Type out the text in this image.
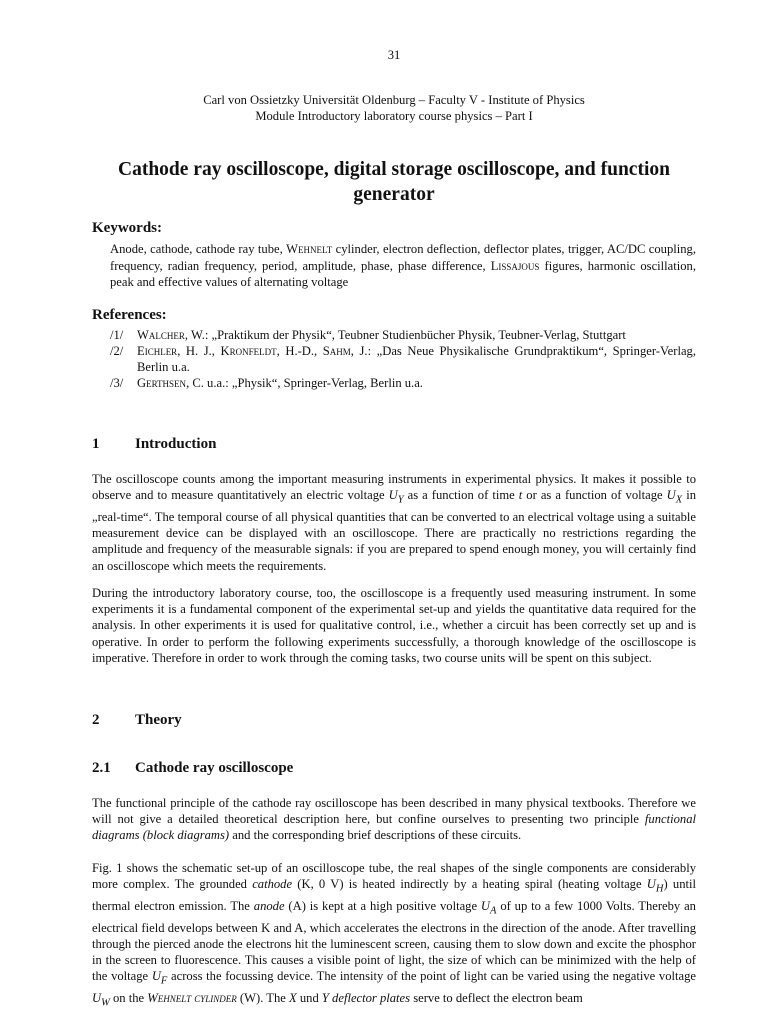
31
Carl von Ossietzky Universität Oldenburg – Faculty V - Institute of Physics
Module Introductory laboratory course physics – Part I
Cathode ray oscilloscope, digital storage oscilloscope, and function generator
Keywords:
Anode, cathode, cathode ray tube, Wehnelt cylinder, electron deflection, deflector plates, trigger, AC/DC coupling, frequency, radian frequency, period, amplitude, phase, phase difference, Lissajous figures, harmonic oscillation, peak and effective values of alternating voltage
References:
/1/	Walcher, W.: „Praktikum der Physik“, Teubner Studienbücher Physik, Teubner-Verlag, Stuttgart
/2/	Eichler, H. J., Kronfeldt, H.-D., Sahm, J.: „Das Neue Physikalische Grundpraktikum“, Springer-Verlag, Berlin u.a.
/3/	Gerthsen, C. u.a.: „Physik“, Springer-Verlag, Berlin u.a.
1 Introduction
The oscilloscope counts among the important measuring instruments in experimental physics. It makes it possible to observe and to measure quantitatively an electric voltage $U_Y$ as a function of time t or as a function of voltage $U_X$ in „real-time“. The temporal course of all physical quantities that can be converted to an electrical voltage using a suitable measurement device can be displayed with an oscilloscope. There are practically no restrictions regarding the amplitude and frequency of the measurable signals: if you are prepared to spend enough money, you will certainly find an oscilloscope which meets the requirements.
During the introductory laboratory course, too, the oscilloscope is a frequently used measuring instrument. In some experiments it is a fundamental component of the experimental set-up and yields the quantitative data required for the analysis. In other experiments it is used for qualitative control, i.e., whether a circuit has been correctly set up and is operative. In order to perform the following experiments successfully, a thorough knowledge of the oscilloscope is imperative. Therefore in order to work through the coming tasks, two course units will be spent on this subject.
2 Theory
2.1 Cathode ray oscilloscope
The functional principle of the cathode ray oscilloscope has been described in many physical textbooks. Therefore we will not give a detailed theoretical description here, but confine ourselves to presenting two principle functional diagrams (block diagrams) and the corresponding brief descriptions of these circuits.
Fig. 1 shows the schematic set-up of an oscilloscope tube, the real shapes of the single components are considerably more complex. The grounded cathode (K, 0 V) is heated indirectly by a heating spiral (heating voltage $U_H$) until thermal electron emission. The anode (A) is kept at a high positive voltage $U_A$ of up to a few 1000 Volts. Thereby an electrical field develops between K and A, which accelerates the electrons in the direction of the anode. After travelling through the pierced anode the electrons hit the luminescent screen, causing them to slow down and excite the phosphor in the screen to fluorescence. This causes a visible point of light, the size of which can be minimized with the help of the voltage $U_F$ across the focussing device. The intensity of the point of light can be varied using the negative voltage $U_W$ on the Wehnelt cylinder (W). The X und Y deflector plates serve to deflect the electron beam
